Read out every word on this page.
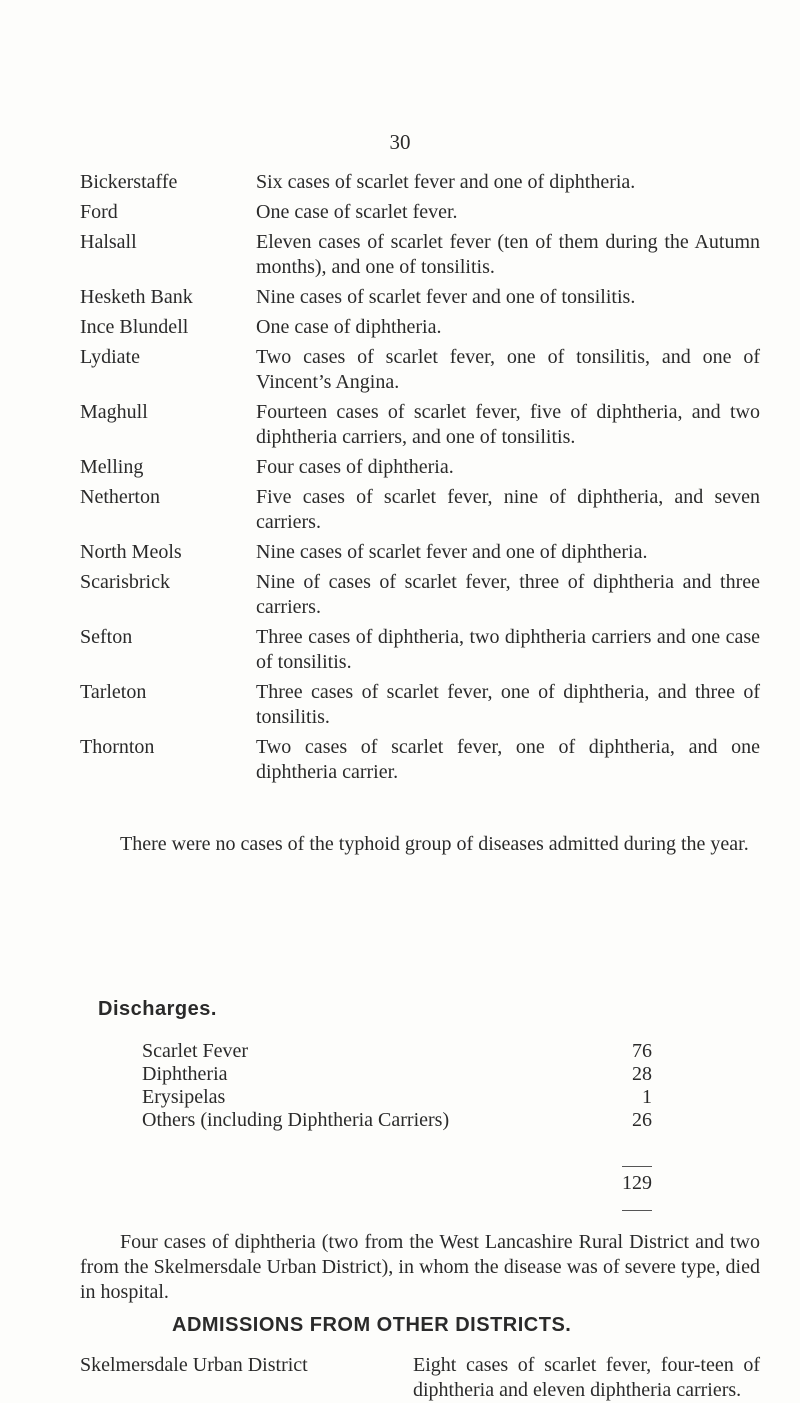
30
Bickerstaffe	Six cases of scarlet fever and one of diphtheria.
Ford	One case of scarlet fever.
Halsall	Eleven cases of scarlet fever (ten of them during the Autumn months), and one of tonsilitis.
Hesketh Bank	Nine cases of scarlet fever and one of tonsilitis.
Ince Blundell	One case of diphtheria.
Lydiate	Two cases of scarlet fever, one of tonsilitis, and one of Vincent’s Angina.
Maghull	Fourteen cases of scarlet fever, five of diphtheria, and two diphtheria carriers, and one of tonsilitis.
Melling	Four cases of diphtheria.
Netherton	Five cases of scarlet fever, nine of diphtheria, and seven carriers.
North Meols	Nine cases of scarlet fever and one of diphtheria.
Scarisbrick	Nine of cases of scarlet fever, three of diphtheria and three carriers.
Sefton	Three cases of diphtheria, two diphtheria carriers and one case of tonsilitis.
Tarleton	Three cases of scarlet fever, one of diphtheria, and three of tonsilitis.
Thornton	Two cases of scarlet fever, one of diphtheria, and one diphtheria carrier.
There were no cases of the typhoid group of diseases admitted during the year.
Discharges.
Scarlet Fever	76
Diphtheria	28
Erysipelas	1
Others (including Diphtheria Carriers)	26
129
Four cases of diphtheria (two from the West Lancashire Rural District and two from the Skelmersdale Urban District), in whom the disease was of severe type, died in hospital.
ADMISSIONS FROM OTHER DISTRICTS.
Skelmersdale Urban District	Eight cases of scarlet fever, four-teen of diphtheria and eleven diphtheria carriers.
